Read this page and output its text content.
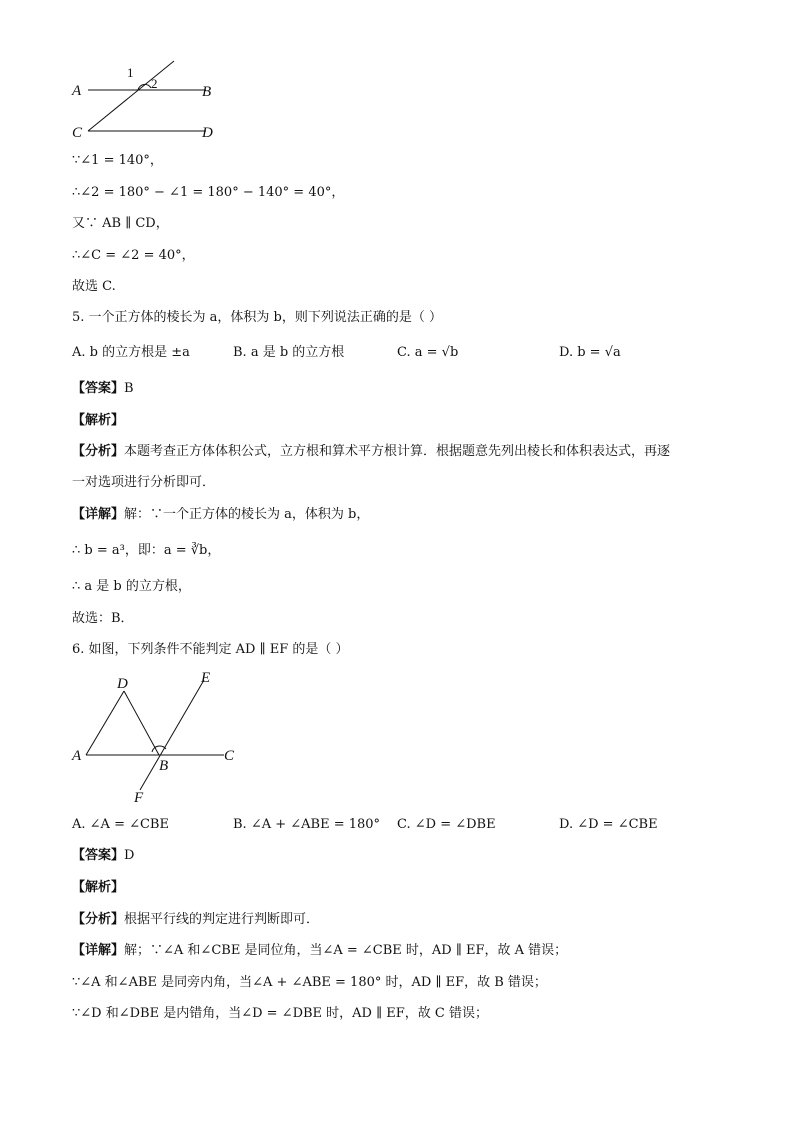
A	B
C	D
1
2
∵∠1 = 140°，
∴∠2 = 180° − ∠1 = 180° − 140° = 40°，
又∵ AB ∥ CD，
∴∠C = ∠2 = 40°，
故选 C.
5. 一个正方体的棱长为 a，体积为 b，则下列说法正确的是（ ）
A. b 的立方根是 ±a	B. a 是 b 的立方根	C. a = √b	D. b = √a
【答案】B
【解析】
【分析】本题考查正方体体积公式，立方根和算术平方根计算．根据题意先列出棱长和体积表达式，再逐
一对选项进行分析即可．
【详解】解：∵一个正方体的棱长为 a，体积为 b，
∴ b = a³，即：a = ∛b，
∴ a 是 b 的立方根，
故选：B．
6. 如图，下列条件不能判定 AD ∥ EF 的是（ ）
D	E
A
B
C
F
A. ∠A = ∠CBE	B. ∠A + ∠ABE = 180° C. ∠D = ∠DBE	D. ∠D = ∠CBE
【答案】D
【解析】
【分析】根据平行线的判定进行判断即可．
【详解】解；∵∠A 和∠CBE 是同位角，当∠A = ∠CBE 时，AD ∥ EF，故 A 错误；
∵∠A 和∠ABE 是同旁内角，当∠A + ∠ABE = 180° 时，AD ∥ EF，故 B 错误；
∵∠D 和∠DBE 是内错角，当∠D = ∠DBE 时，AD ∥ EF，故 C 错误；
